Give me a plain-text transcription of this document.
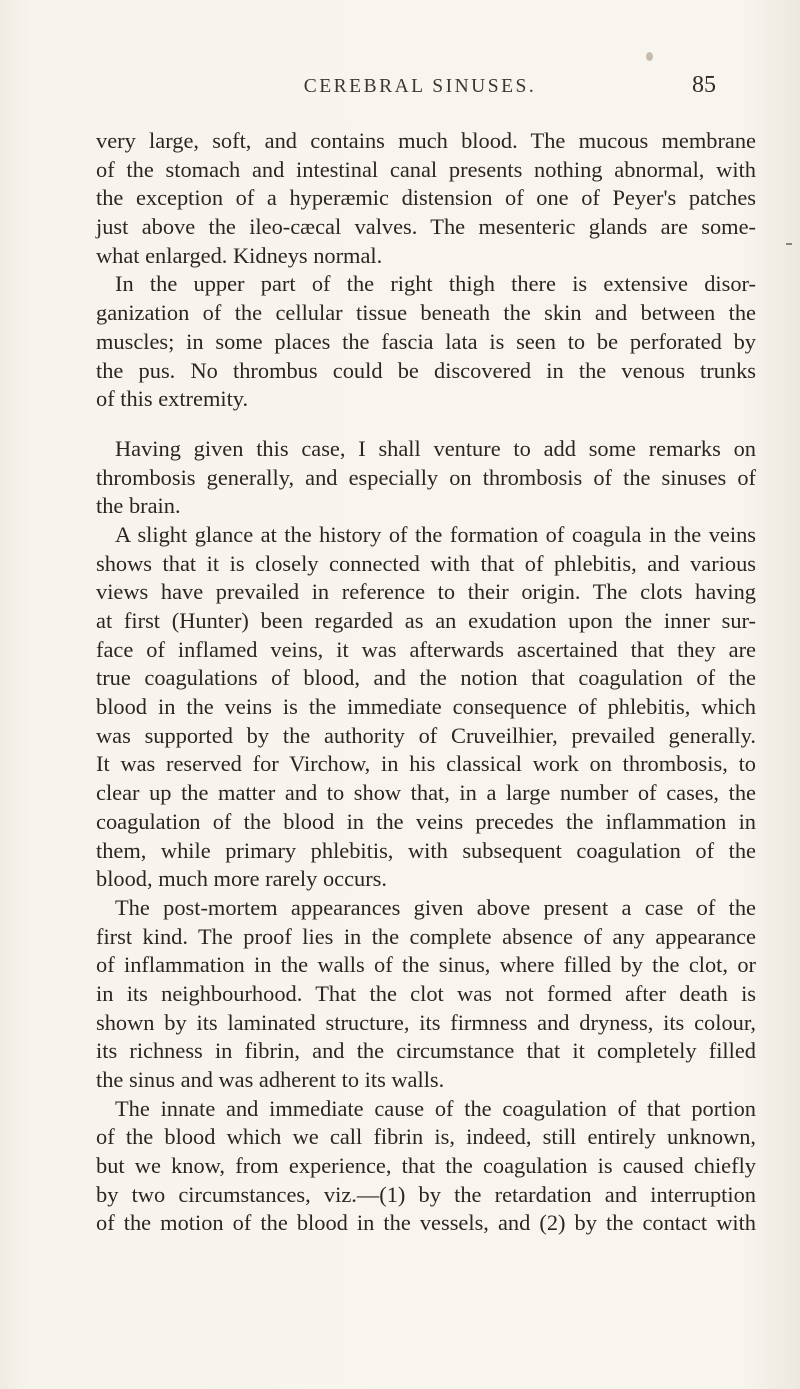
CEREBRAL SINUSES.	85
very large, soft, and contains much blood. The mucous membrane
of the stomach and intestinal canal presents nothing abnormal, with
the exception of a hyperæmic distension of one of Peyer's patches
just above the ileo-cæcal valves. The mesenteric glands are some-
what enlarged. Kidneys normal.
In the upper part of the right thigh there is extensive disor-
ganization of the cellular tissue beneath the skin and between the
muscles; in some places the fascia lata is seen to be perforated by
the pus. No thrombus could be discovered in the venous trunks
of this extremity.
Having given this case, I shall venture to add some remarks on
thrombosis generally, and especially on thrombosis of the sinuses of
the brain.
A slight glance at the history of the formation of coagula in the veins
shows that it is closely connected with that of phlebitis, and various
views have prevailed in reference to their origin. The clots having
at first (Hunter) been regarded as an exudation upon the inner sur-
face of inflamed veins, it was afterwards ascertained that they are
true coagulations of blood, and the notion that coagulation of the
blood in the veins is the immediate consequence of phlebitis, which
was supported by the authority of Cruveilhier, prevailed generally.
It was reserved for Virchow, in his classical work on thrombosis, to
clear up the matter and to show that, in a large number of cases, the
coagulation of the blood in the veins precedes the inflammation in
them, while primary phlebitis, with subsequent coagulation of the
blood, much more rarely occurs.
The post-mortem appearances given above present a case of the
first kind. The proof lies in the complete absence of any appearance
of inflammation in the walls of the sinus, where filled by the clot, or
in its neighbourhood. That the clot was not formed after death is
shown by its laminated structure, its firmness and dryness, its colour,
its richness in fibrin, and the circumstance that it completely filled
the sinus and was adherent to its walls.
The innate and immediate cause of the coagulation of that portion
of the blood which we call fibrin is, indeed, still entirely unknown,
but we know, from experience, that the coagulation is caused chiefly
by two circumstances, viz.—(1) by the retardation and interruption
of the motion of the blood in the vessels, and (2) by the contact with
